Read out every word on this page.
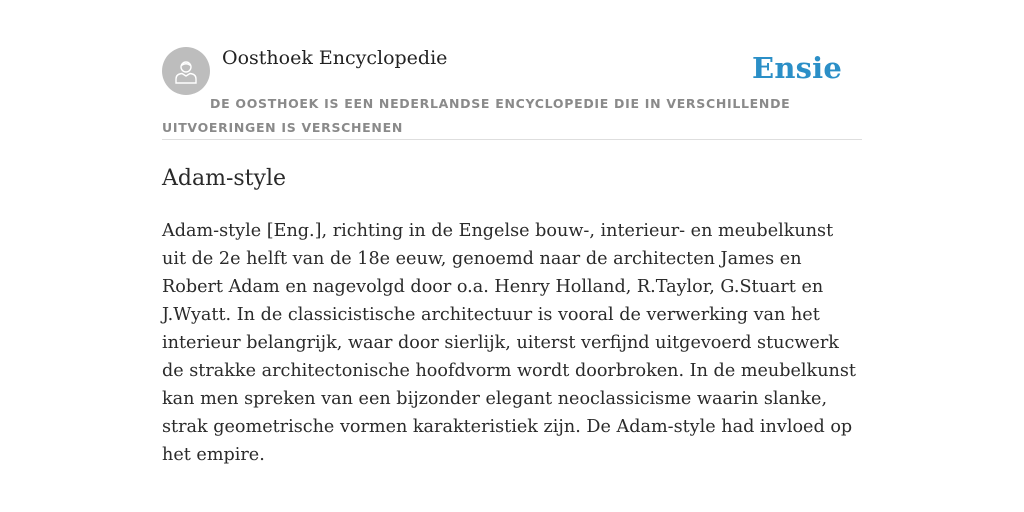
Oosthoek Encyclopedie	Ensie
DE OOSTHOEK IS EEN NEDERLANDSE ENCYCLOPEDIE DIE IN VERSCHILLENDE UITVOERINGEN IS VERSCHENEN
Adam-style

Adam-style [Eng.], richting in de Engelse bouw-, interieur- en meubelkunst uit de 2e helft van de 18e eeuw, genoemd naar de architecten James en Robert Adam en nagevolgd door o.a. Henry Holland, R.Taylor, G.Stuart en J.Wyatt. In de classicistische architectuur is vooral de verwerking van het interieur belangrijk, waar door sierlijk, uiterst verfijnd uitgevoerd stucwerk de strakke architectonische hoofdvorm wordt doorbroken. In de meubelkunst kan men spreken van een bijzonder elegant neoclassicisme waarin slanke, strak geometrische vormen karakteristiek zijn. De Adam-style had invloed op het empire.
